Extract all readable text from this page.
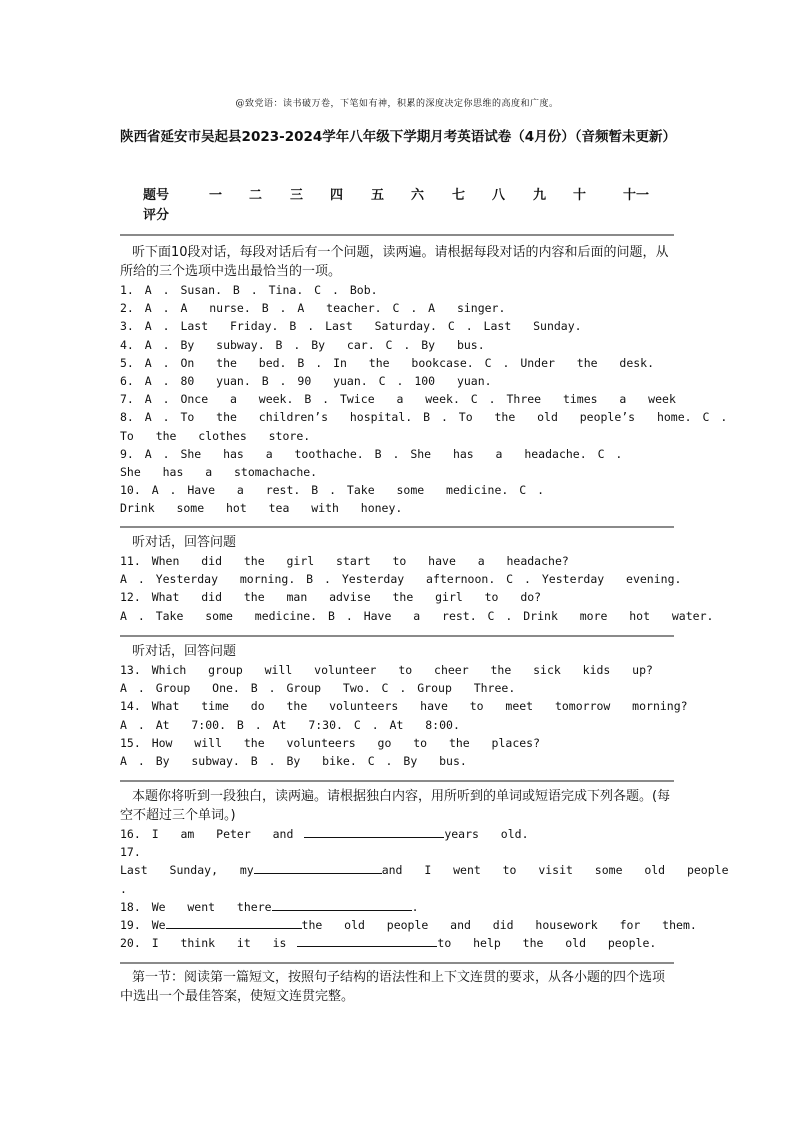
@致党语：读书破万卷，下笔如有神，积累的深度决定你思维的高度和广度。
陕西省延安市吴起县2023-2024学年八年级下学期月考英语试卷（4月份）（音频暂未更新）
题号	一 二 三 四 五 六 七 八 九 十	十一
评分

听下面10段对话，每段对话后有一个问题，读两遍。请根据每段对话的内容和后面的问题，从所给的三个选项中选出最恰当的一项。

1. A . Susan. B . Tina. C . Bob.

2. A . A  nurse. B . A  teacher. C . A  singer.

3. A . Last  Friday. B . Last  Saturday. C . Last  Sunday.

4. A . By  subway. B . By  car. C . By  bus.

5. A . On  the  bed. B . In  the  bookcase. C . Under  the  desk.

6. A . 80  yuan. B . 90  yuan. C . 100  yuan.

7. A . Once  a  week. B . Twice  a  week. C . Three  times  a  week

8. A . To  the  children’s  hospital. B . To  the  old  people’s  home. C .

To  the  clothes  store.

9. A . She  has  a  toothache. B . She  has  a  headache. C .

She  has  a  stomachache.

10. A . Have  a  rest. B . Take  some  medicine. C .

Drink  some  hot  tea  with  honey.

听对话，回答问题

11. When  did  the  girl  start  to  have  a  headache?

A . Yesterday  morning. B . Yesterday  afternoon. C . Yesterday  evening.

12. What  did  the  man  advise  the  girl  to  do?

A . Take  some  medicine. B . Have  a  rest. C . Drink  more  hot  water.

听对话，回答问题

13. Which  group  will  volunteer  to  cheer  the  sick  kids  up?

A . Group  One. B . Group  Two. C . Group  Three.

14. What  time  do  the  volunteers  have  to  meet  tomorrow  morning?

A . At  7:00. B . At  7:30. C . At  8:00.

15. How  will  the  volunteers  go  to  the  places?

A . By  subway. B . By  bike. C . By  bus.

本题你将听到一段独白，读两遍。请根据独白内容，用所听到的单词或短语完成下列各题。(每空不超过三个单词。)

16. I  am  Peter  and	years  old.

17.

Last  Sunday,  my	and  I  went  to  visit  some  old  people

.

18. We  went  there	.

19. We	the  old  people  and  did  housework  for  them.

20. I  think  it  is	to  help  the  old  people.

第一节：阅读第一篇短文，按照句子结构的语法性和上下文连贯的要求，从各小题的四个选项中选出一个最佳答案，使短文连贯完整。
